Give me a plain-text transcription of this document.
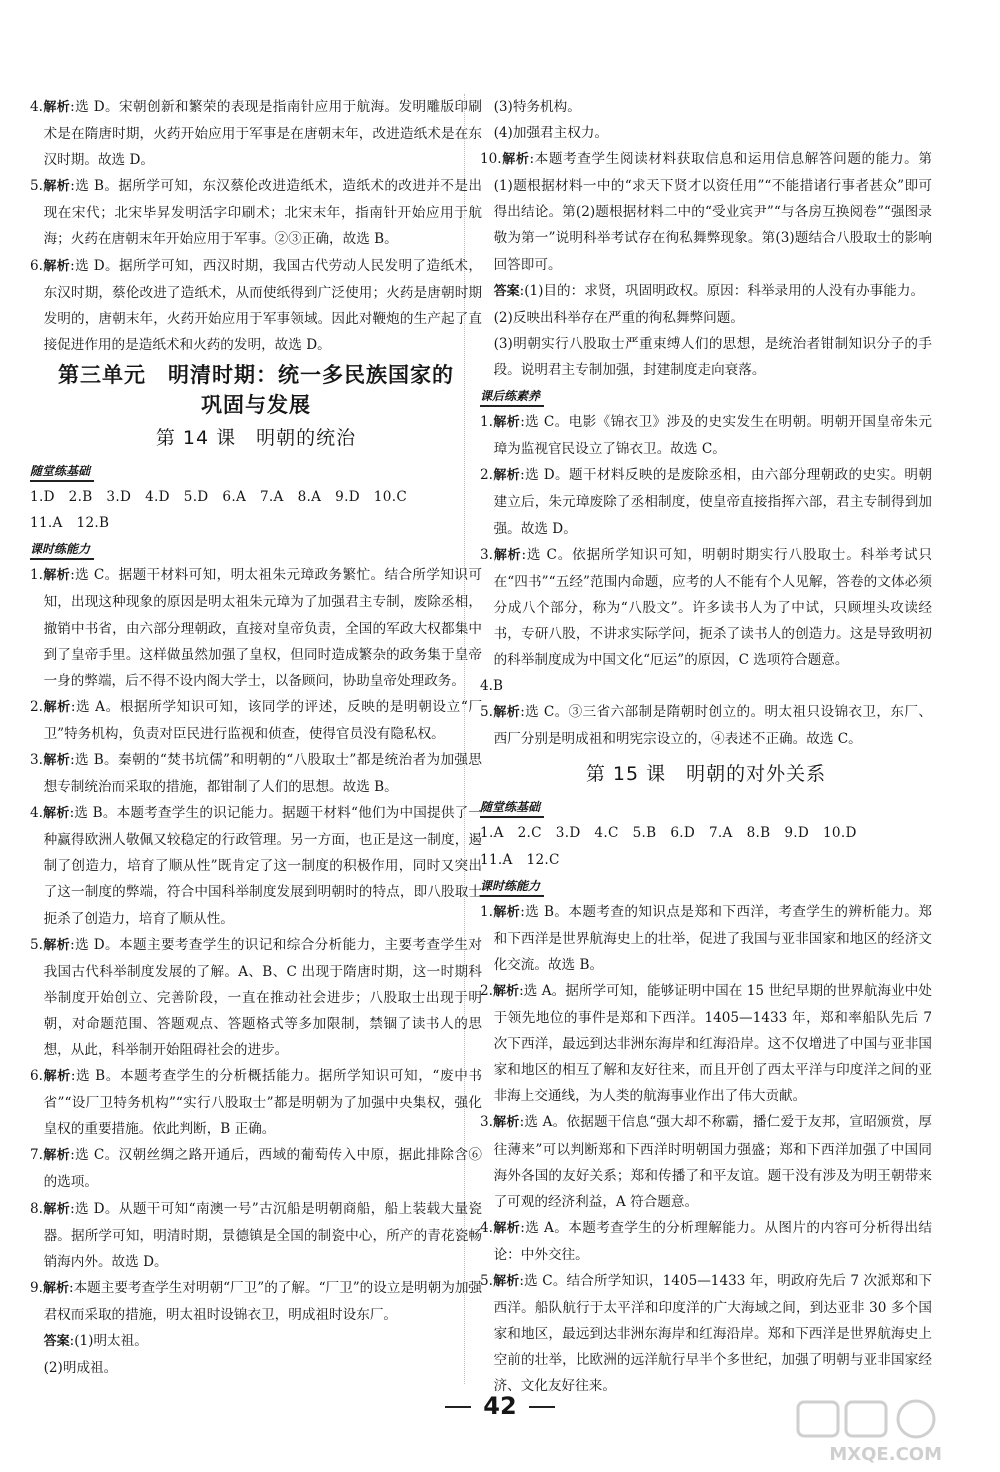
4.解析:选 D。宋朝创新和繁荣的表现是指南针应用于航海。发明雕版印刷术是在隋唐时期，火药开始应用于军事是在唐朝末年，改进造纸术是在东汉时期。故选 D。

5.解析:选 B。据所学可知，东汉蔡伦改进造纸术，造纸术的改进并不是出现在宋代；北宋毕昇发明活字印刷术；北宋末年，指南针开始应用于航海；火药在唐朝末年开始应用于军事。②③正确，故选 B。

6.解析:选 D。据所学可知，西汉时期，我国古代劳动人民发明了造纸术，东汉时期，蔡伦改进了造纸术，从而使纸得到广泛使用；火药是唐朝时期发明的，唐朝末年，火药开始应用于军事领域。因此对鞭炮的生产起了直接促进作用的是造纸术和火药的发明，故选 D。

第三单元　明清时期：统一多民族国家的

巩固与发展

第 14 课　明朝的统治

随堂练基础

1.D　2.B　3.D　4.D　5.D　6.A　7.A　8.A　9.D　10.C

11.A　12.B

课时练能力

1.解析:选 C。据题干材料可知，明太祖朱元璋政务繁忙。结合所学知识可知，出现这种现象的原因是明太祖朱元璋为了加强君主专制，废除丞相，撤销中书省，由六部分理朝政，直接对皇帝负责，全国的军政大权都集中到了皇帝手里。这样做虽然加强了皇权，但同时造成繁杂的政务集于皇帝一身的弊端，后不得不设内阁大学士，以备顾问，协助皇帝处理政务。

2.解析:选 A。根据所学知识可知，该同学的评述，反映的是明朝设立“厂卫”特务机构，负责对臣民进行监视和侦查，使得官员没有隐私权。

3.解析:选 B。秦朝的“焚书坑儒”和明朝的“八股取士”都是统治者为加强思想专制统治而采取的措施，都钳制了人们的思想。故选 B。

4.解析:选 B。本题考查学生的识记能力。据题干材料“他们为中国提供了一种赢得欧洲人敬佩又较稳定的行政管理。另一方面，也正是这一制度，遏制了创造力，培育了顺从性”既肯定了这一制度的积极作用，同时又突出了这一制度的弊端，符合中国科举制度发展到明朝时的特点，即八股取士扼杀了创造力，培育了顺从性。

5.解析:选 D。本题主要考查学生的识记和综合分析能力，主要考查学生对我国古代科举制度发展的了解。A、B、C 出现于隋唐时期，这一时期科举制度开始创立、完善阶段，一直在推动社会进步；八股取士出现于明朝，对命题范围、答题观点、答题格式等多加限制，禁锢了读书人的思想，从此，科举制开始阻碍社会的进步。

6.解析:选 B。本题考查学生的分析概括能力。据所学知识可知，“废中书省”“设厂卫特务机构”“实行八股取士”都是明朝为了加强中央集权，强化皇权的重要措施。依此判断，B 正确。

7.解析:选 C。汉朝丝绸之路开通后，西域的葡萄传入中原，据此排除含⑥的选项。

8.解析:选 D。从题干可知“南澳一号”古沉船是明朝商船，船上装载大量瓷器。据所学可知，明清时期，景德镇是全国的制瓷中心，所产的青花瓷畅销海内外。故选 D。

9.解析:本题主要考查学生对明朝“厂卫”的了解。“厂卫”的设立是明朝为加强君权而采取的措施，明太祖时设锦衣卫，明成祖时设东厂。

答案:(1)明太祖。

(2)明成祖。

(3)特务机构。

(4)加强君主权力。

10.解析:本题考查学生阅读材料获取信息和运用信息解答问题的能力。第(1)题根据材料一中的“求天下贤才以资任用”“不能措诸行事者甚众”即可得出结论。第(2)题根据材料二中的“受业宾尹”“与各房互换阅卷”“强图录敬为第一”说明科举考试存在徇私舞弊现象。第(3)题结合八股取士的影响回答即可。

答案:(1)目的：求贤，巩固明政权。原因：科举录用的人没有办事能力。

(2)反映出科举存在严重的徇私舞弊问题。

(3)明朝实行八股取士严重束缚人们的思想，是统治者钳制知识分子的手段。说明君主专制加强，封建制度走向衰落。

课后练素养

1.解析:选 C。电影《锦衣卫》涉及的史实发生在明朝。明朝开国皇帝朱元璋为监视官民设立了锦衣卫。故选 C。

2.解析:选 D。题干材料反映的是废除丞相，由六部分理朝政的史实。明朝建立后，朱元璋废除了丞相制度，使皇帝直接指挥六部，君主专制得到加强。故选 D。

3.解析:选 C。依据所学知识可知，明朝时期实行八股取士。科举考试只在“四书”“五经”范围内命题，应考的人不能有个人见解，答卷的文体必须分成八个部分，称为“八股文”。许多读书人为了中试，只顾埋头攻读经书，专研八股，不讲求实际学问，扼杀了读书人的创造力。这是导致明初的科举制度成为中国文化“厄运”的原因，C 选项符合题意。

4.B

5.解析:选 C。③三省六部制是隋朝时创立的。明太祖只设锦衣卫，东厂、西厂分别是明成祖和明宪宗设立的，④表述不正确。故选 C。

第 15 课　明朝的对外关系

随堂练基础

1.A　2.C　3.D　4.C　5.B　6.D　7.A　8.B　9.D　10.D

11.A　12.C

课时练能力

1.解析:选 B。本题考查的知识点是郑和下西洋，考查学生的辨析能力。郑和下西洋是世界航海史上的壮举，促进了我国与亚非国家和地区的经济文化交流。故选 B。

2.解析:选 A。据所学可知，能够证明中国在 15 世纪早期的世界航海业中处于领先地位的事件是郑和下西洋。1405—1433 年，郑和率船队先后 7 次下西洋，最远到达非洲东海岸和红海沿岸。这不仅增进了中国与亚非国家和地区的相互了解和友好往来，而且开创了西太平洋与印度洋之间的亚非海上交通线，为人类的航海事业作出了伟大贡献。

3.解析:选 A。依据题干信息“强大却不称霸，播仁爱于友邦，宣昭颁赏，厚往薄来”可以判断郑和下西洋时明朝国力强盛；郑和下西洋加强了中国同海外各国的友好关系；郑和传播了和平友谊。题干没有涉及为明王朝带来了可观的经济利益，A 符合题意。

4.解析:选 A。本题考查学生的分析理解能力。从图片的内容可分析得出结论：中外交往。

5.解析:选 C。结合所学知识，1405—1433 年，明政府先后 7 次派郑和下西洋。船队航行于太平洋和印度洋的广大海域之间，到达亚非 30 多个国家和地区，最远到达非洲东海岸和红海沿岸。郑和下西洋是世界航海史上空前的壮举，比欧洲的远洋航行早半个多世纪，加强了明朝与亚非国家经济、文化友好往来。

42
MXQE.COM
